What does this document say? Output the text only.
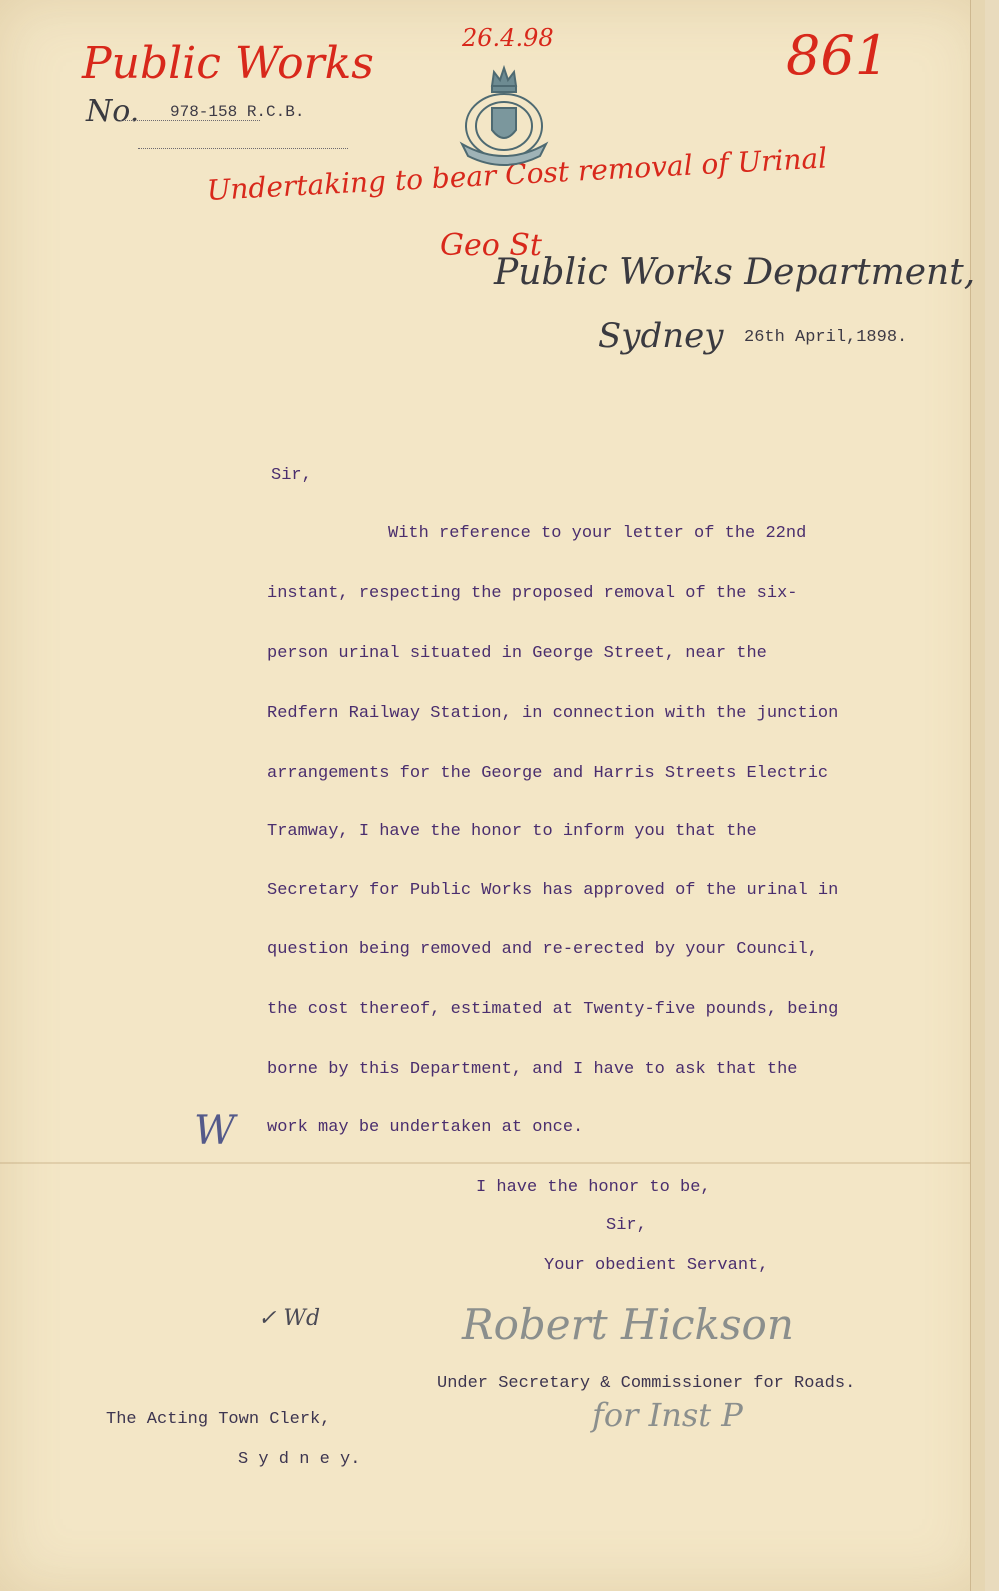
Public Works	26.4.98	861

Undertaking to bear Cost removal of Urinal

Geo St

No. 978-158 R.C.B.

Public Works Department,

Sydney 26th April,1898.

Sir,

With reference to your letter of the 22nd

instant, respecting the proposed removal of the six-

person urinal situated in George Street, near the

Redfern Railway Station, in connection with the junction

arrangements for the George and Harris Streets Electric

Tramway, I have the honor to inform you that the

Secretary for Public Works has approved of the urinal in

question being removed and re-erected by your Council,

the cost thereof, estimated at Twenty-five pounds, being

borne by this Department, and I have to ask that the

work may be undertaken at once.

W

I have the honor to be,

Sir,

Your obedient Servant,

✓ Wd	Robert Hickson

Under Secretary & Commissioner for Roads.

for Inst P

The Acting Town Clerk,

S y d n e y.
